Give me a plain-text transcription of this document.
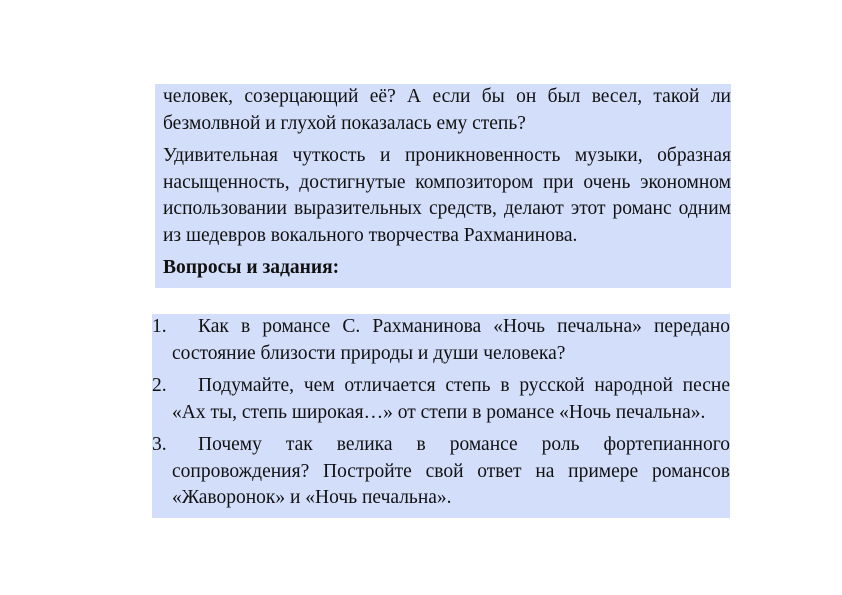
человек, созерцающий её? А если бы он был весел, такой ли безмолвной и глухой показалась ему степь?

Удивительная чуткость и проникновенность музыки, образная насыщенность, достигнутые композитором при очень экономном использовании выразительных средств, делают этот романс одним из шедевров вокального творчества Рахманинова.

Вопросы и задания:

1.	Как в романсе С. Рахманинова «Ночь печальна» передано состояние близости природы и души человека?
2.	Подумайте, чем отличается степь в русской народной песне «Ах ты, степь широкая…» от степи в романсе «Ночь печальна».
3.	Почему так велика в романсе роль фортепианного сопровождения? Постройте свой ответ на примере романсов «Жаворонок» и «Ночь печальна».
